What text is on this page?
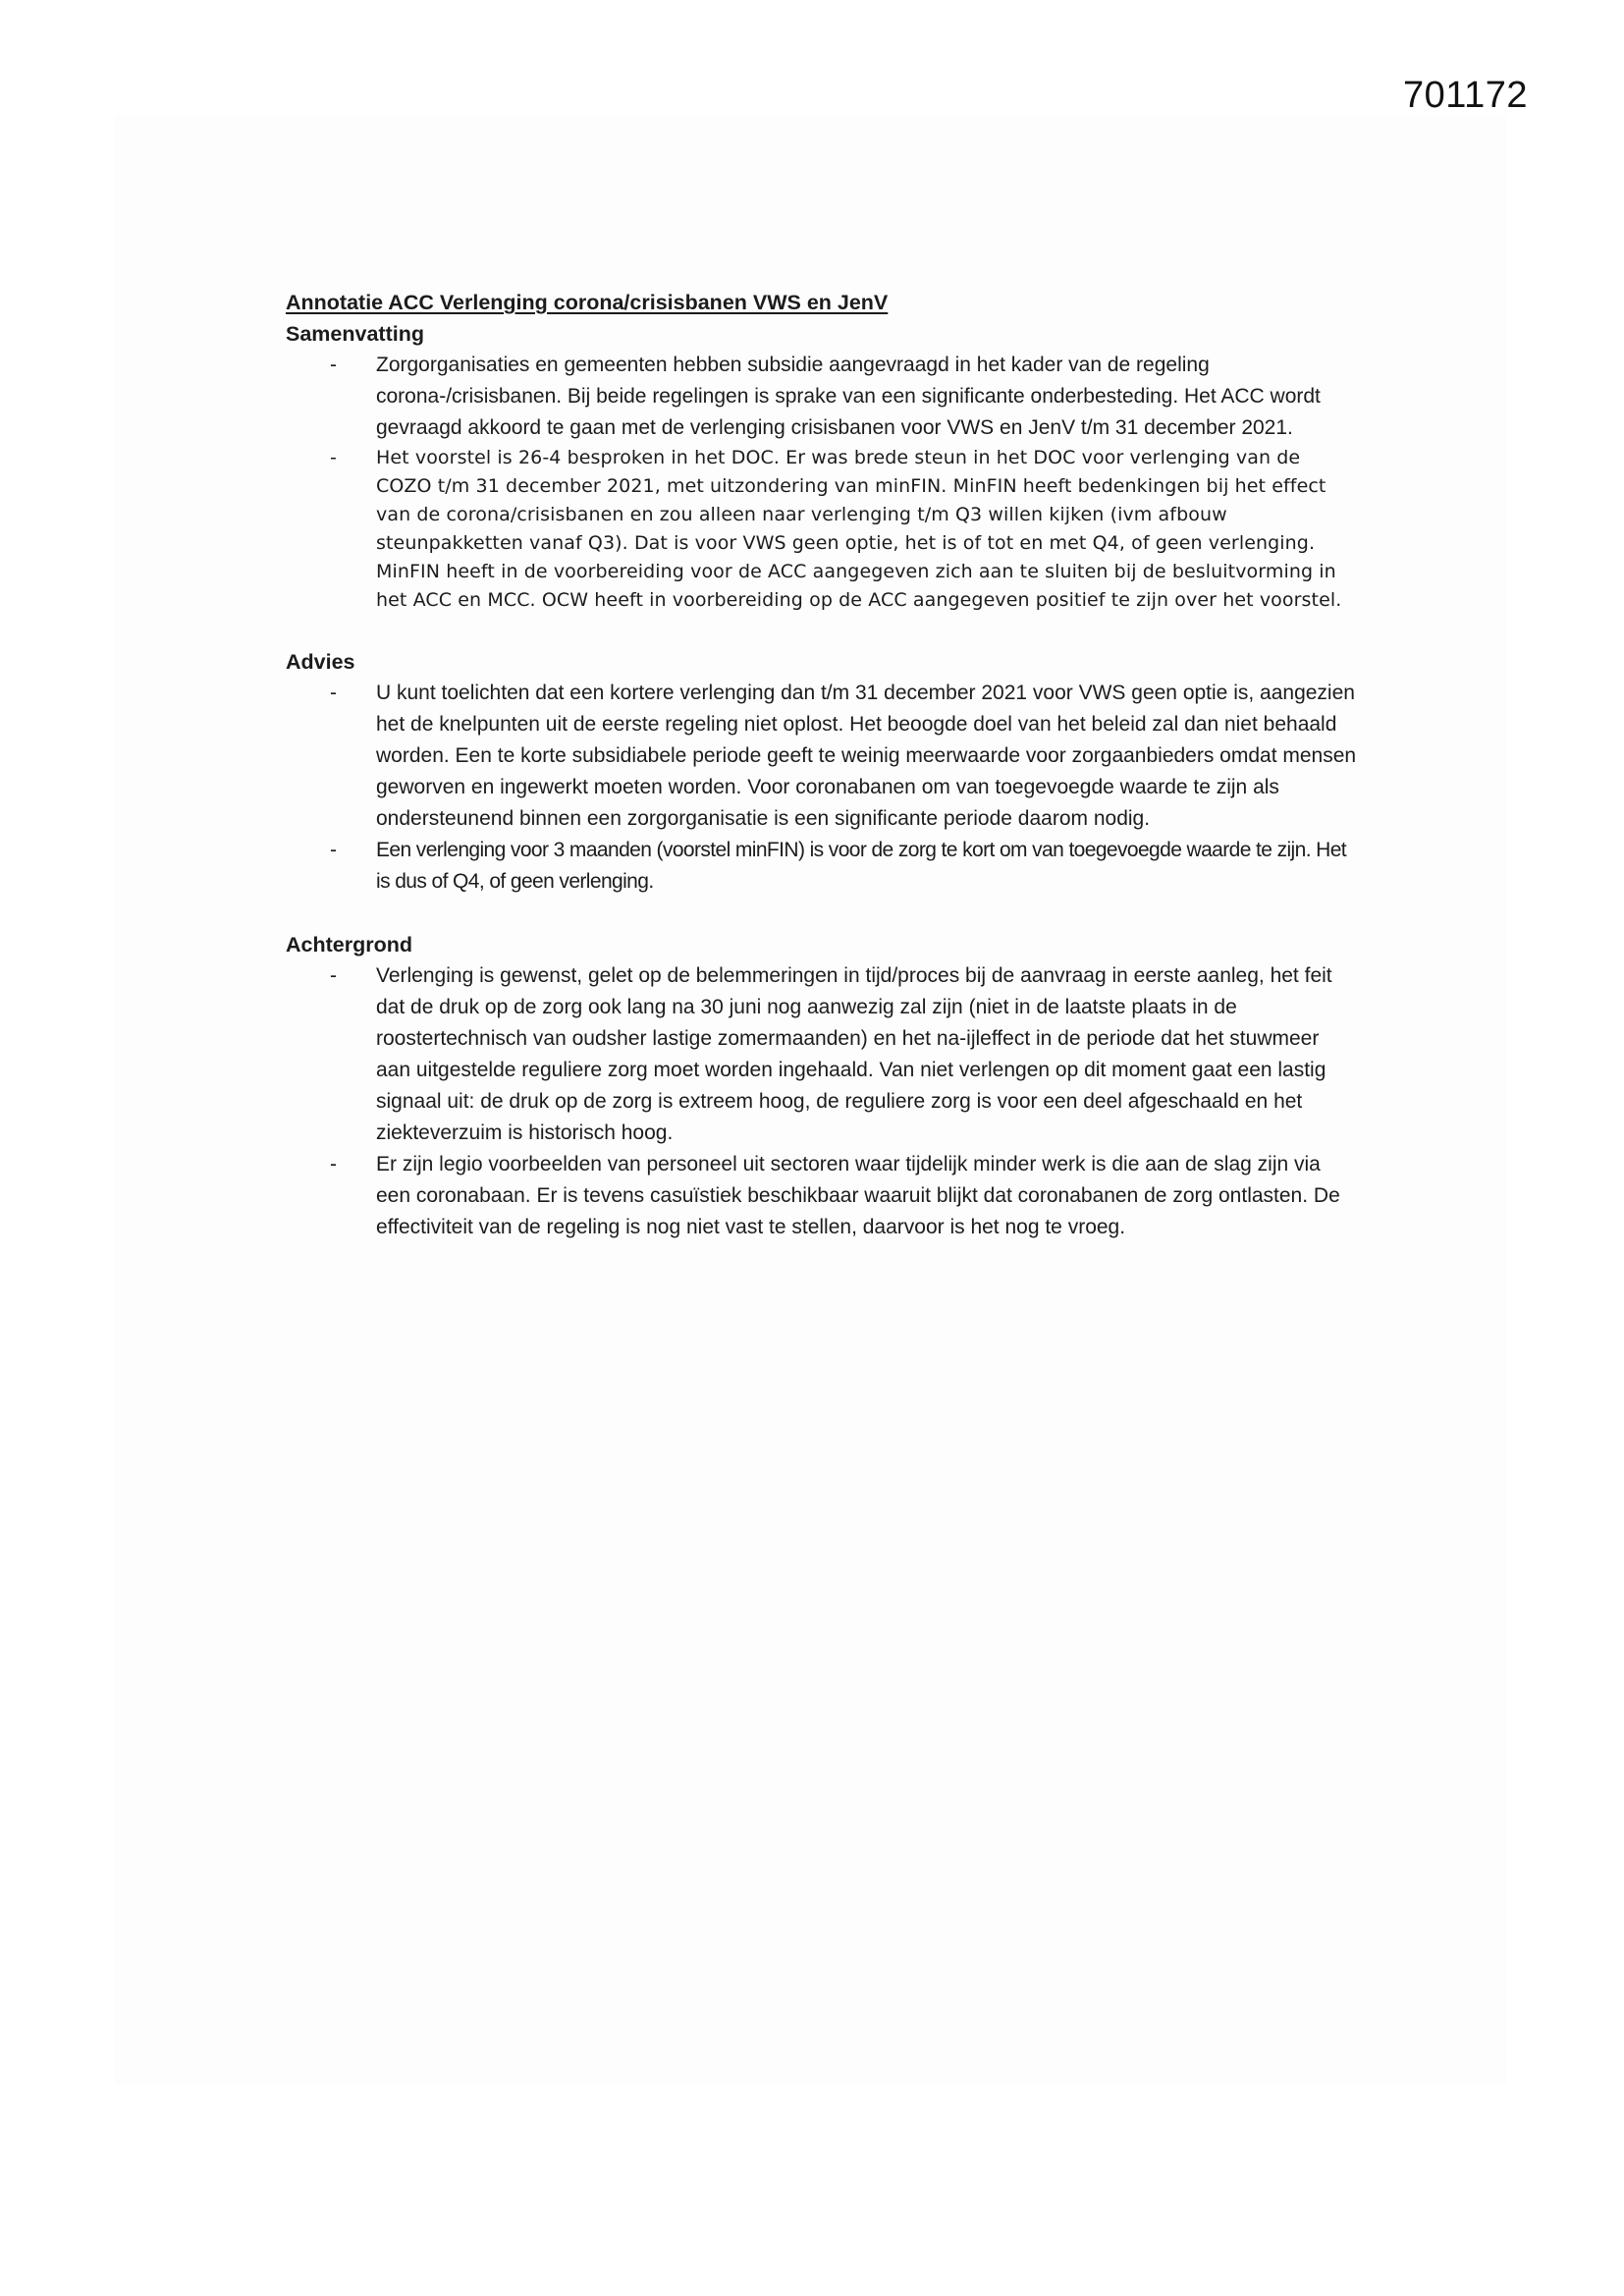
701172

Annotatie ACC Verlenging corona/crisisbanen VWS en JenV

Samenvatting

- Zorgorganisaties en gemeenten hebben subsidie aangevraagd in het kader van de regeling corona-/crisisbanen. Bij beide regelingen is sprake van een significante onderbesteding. Het ACC wordt gevraagd akkoord te gaan met de verlenging crisisbanen voor VWS en JenV t/m 31 december 2021.
- Het voorstel is 26-4 besproken in het DOC. Er was brede steun in het DOC voor verlenging van de COZO t/m 31 december 2021, met uitzondering van minFIN. MinFIN heeft bedenkingen bij het effect van de corona/crisisbanen en zou alleen naar verlenging t/m Q3 willen kijken (ivm afbouw steunpakketten vanaf Q3). Dat is voor VWS geen optie, het is of tot en met Q4, of geen verlenging. MinFIN heeft in de voorbereiding voor de ACC aangegeven zich aan te sluiten bij de besluitvorming in het ACC en MCC. OCW heeft in voorbereiding op de ACC aangegeven positief te zijn over het voorstel.

Advies

- U kunt toelichten dat een kortere verlenging dan t/m 31 december 2021 voor VWS geen optie is, aangezien het de knelpunten uit de eerste regeling niet oplost. Het beoogde doel van het beleid zal dan niet behaald worden. Een te korte subsidiabele periode geeft te weinig meerwaarde voor zorgaanbieders omdat mensen geworven en ingewerkt moeten worden. Voor coronabanen om van toegevoegde waarde te zijn als ondersteunend binnen een zorgorganisatie is een significante periode daarom nodig.
- Een verlenging voor 3 maanden (voorstel minFIN) is voor de zorg te kort om van toegevoegde waarde te zijn. Het is dus of Q4, of geen verlenging.

Achtergrond

- Verlenging is gewenst, gelet op de belemmeringen in tijd/proces bij de aanvraag in eerste aanleg, het feit dat de druk op de zorg ook lang na 30 juni nog aanwezig zal zijn (niet in de laatste plaats in de roostertechnisch van oudsher lastige zomermaanden) en het na-ijleffect in de periode dat het stuwmeer aan uitgestelde reguliere zorg moet worden ingehaald. Van niet verlengen op dit moment gaat een lastig signaal uit: de druk op de zorg is extreem hoog, de reguliere zorg is voor een deel afgeschaald en het ziekteverzuim is historisch hoog.
- Er zijn legio voorbeelden van personeel uit sectoren waar tijdelijk minder werk is die aan de slag zijn via een coronabaan. Er is tevens casuïstiek beschikbaar waaruit blijkt dat coronabanen de zorg ontlasten. De effectiviteit van de regeling is nog niet vast te stellen, daarvoor is het nog te vroeg.
